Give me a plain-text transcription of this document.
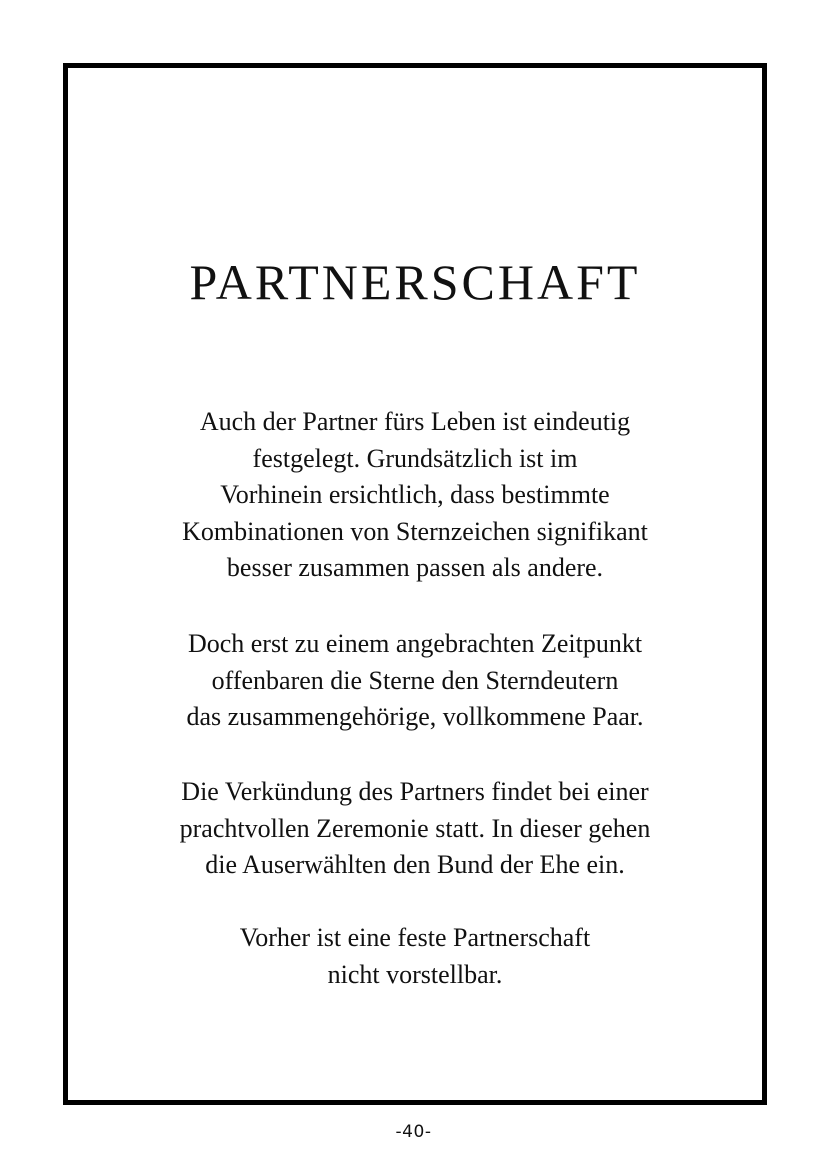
PARTNERSCHAFT
Auch der Partner fürs Leben ist eindeutig
festgelegt. Grundsätzlich ist im
Vorhinein ersichtlich, dass bestimmte
Kombinationen von Sternzeichen signifikant
besser zusammen passen als andere.
Doch erst zu einem angebrachten Zeitpunkt
offenbaren die Sterne den Sterndeutern
das zusammengehörige, vollkommene Paar.
Die Verkündung des Partners findet bei einer
prachtvollen Zeremonie statt. In dieser gehen
die Auserwählten den Bund der Ehe ein.
Vorher ist eine feste Partnerschaft
nicht vorstellbar.
-40-
